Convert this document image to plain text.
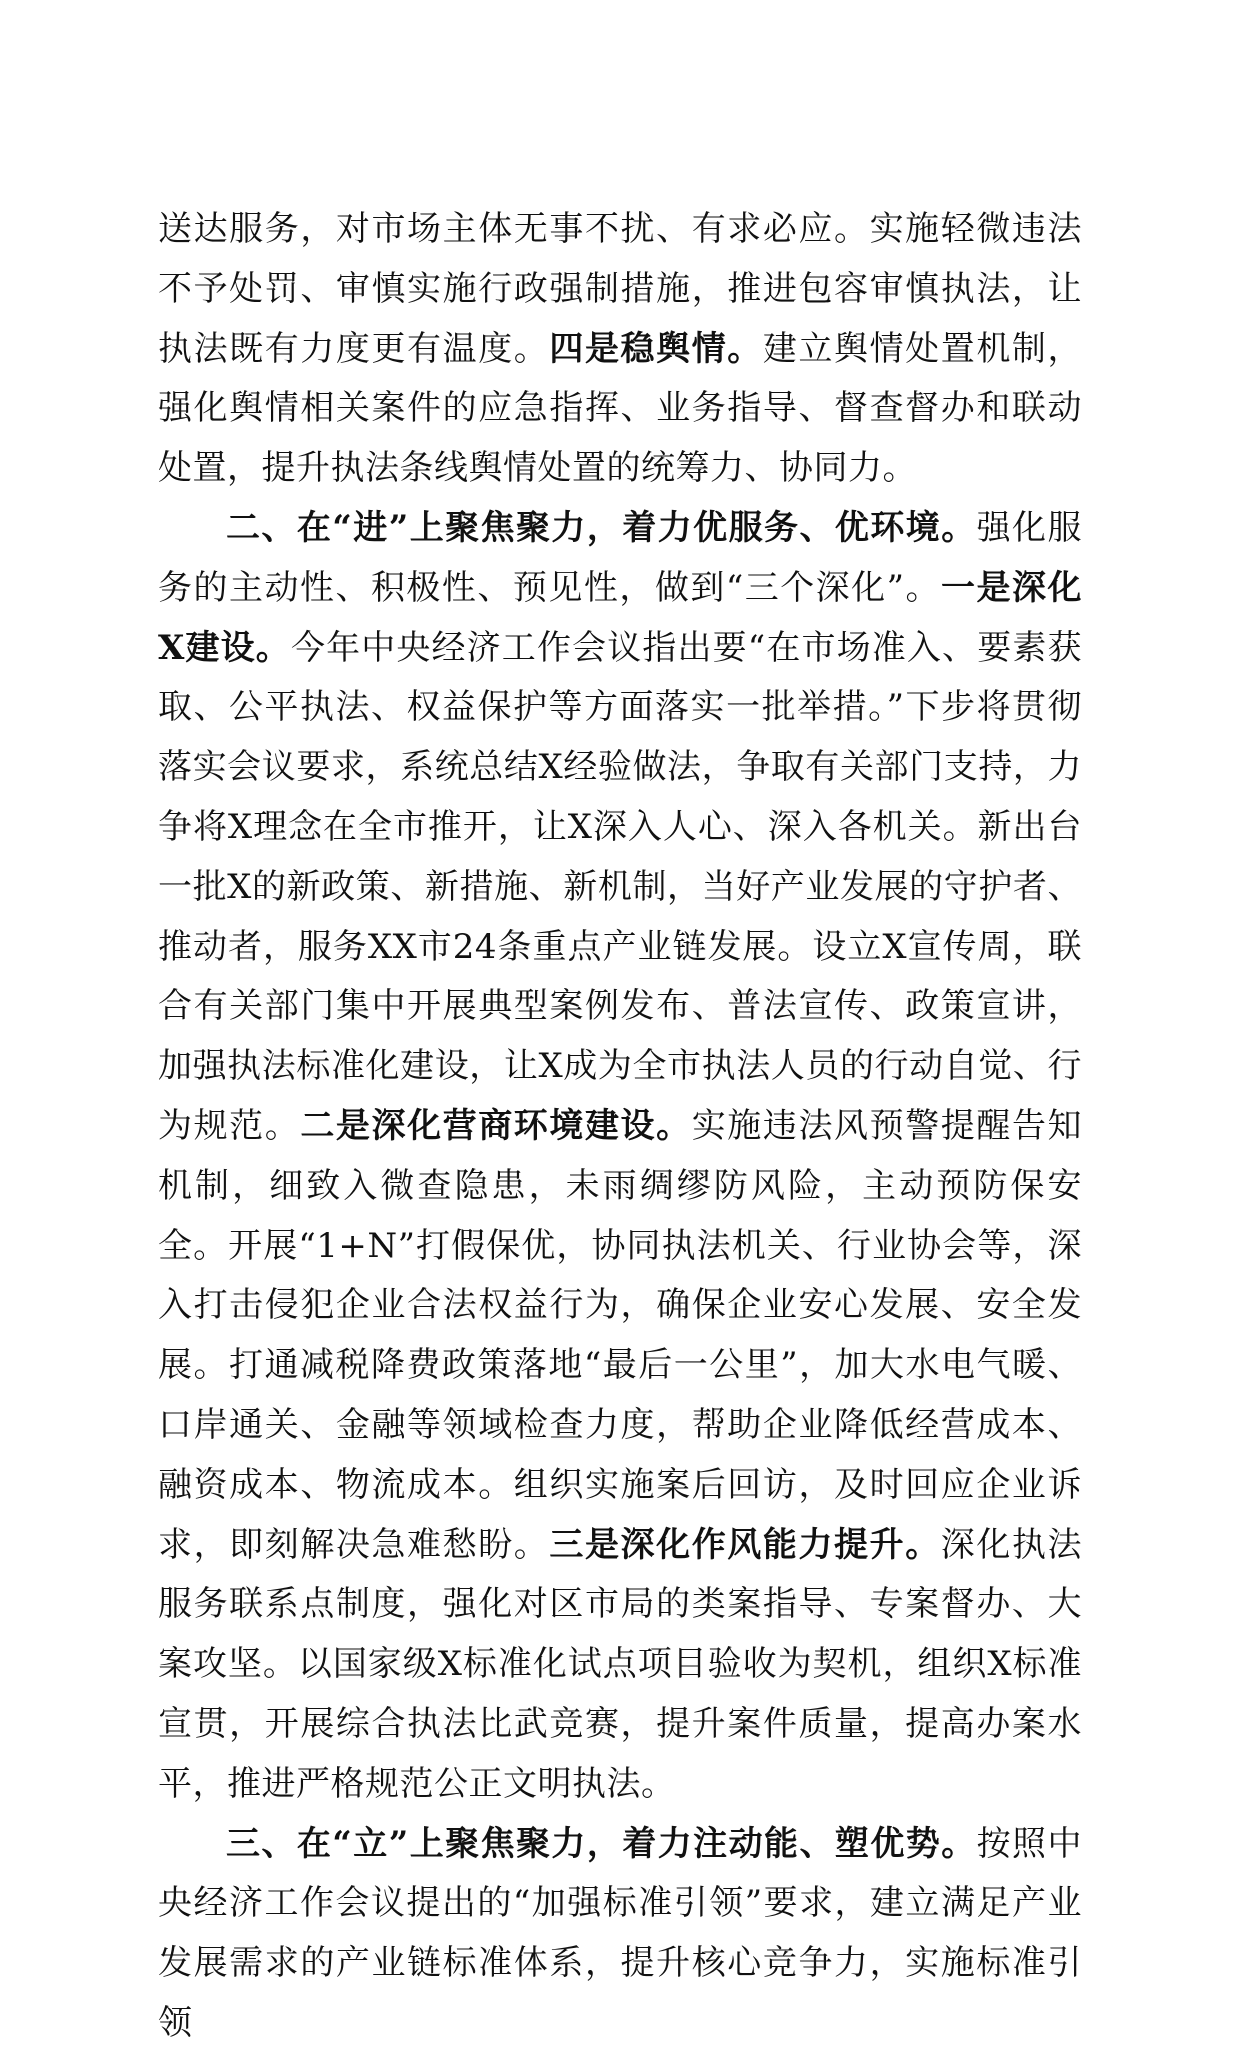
送达服务，对市场主体无事不扰、有求必应。实施轻微违法不予处罚、审慎实施行政强制措施，推进包容审慎执法，让执法既有力度更有温度。四是稳舆情。建立舆情处置机制，强化舆情相关案件的应急指挥、业务指导、督查督办和联动处置，提升执法条线舆情处置的统筹力、协同力。

二、在“进”上聚焦聚力，着力优服务、优环境。强化服务的主动性、积极性、预见性，做到“三个深化”。一是深化X建设。今年中央经济工作会议指出要“在市场准入、要素获取、公平执法、权益保护等方面落实一批举措。”下步将贯彻落实会议要求，系统总结X经验做法，争取有关部门支持，力争将X理念在全市推开，让X深入人心、深入各机关。新出台一批X的新政策、新措施、新机制，当好产业发展的守护者、推动者，服务XX市24条重点产业链发展。设立X宣传周，联合有关部门集中开展典型案例发布、普法宣传、政策宣讲，加强执法标准化建设，让X成为全市执法人员的行动自觉、行为规范。二是深化营商环境建设。实施违法风预警提醒告知机制，细致入微查隐患，未雨绸缪防风险，主动预防保安全。开展“1+N”打假保优，协同执法机关、行业协会等，深入打击侵犯企业合法权益行为，确保企业安心发展、安全发展。打通减税降费政策落地“最后一公里”，加大水电气暖、口岸通关、金融等领域检查力度，帮助企业降低经营成本、融资成本、物流成本。组织实施案后回访，及时回应企业诉求，即刻解决急难愁盼。三是深化作风能力提升。深化执法服务联系点制度，强化对区市局的类案指导、专案督办、大案攻坚。以国家级X标准化试点项目验收为契机，组织X标准宣贯，开展综合执法比武竞赛，提升案件质量，提高办案水平，推进严格规范公正文明执法。

三、在“立”上聚焦聚力，着力注动能、塑优势。按照中央经济工作会议提出的“加强标准引领”要求，建立满足产业发展需求的产业链标准体系，提升核心竞争力，实施标准引领
